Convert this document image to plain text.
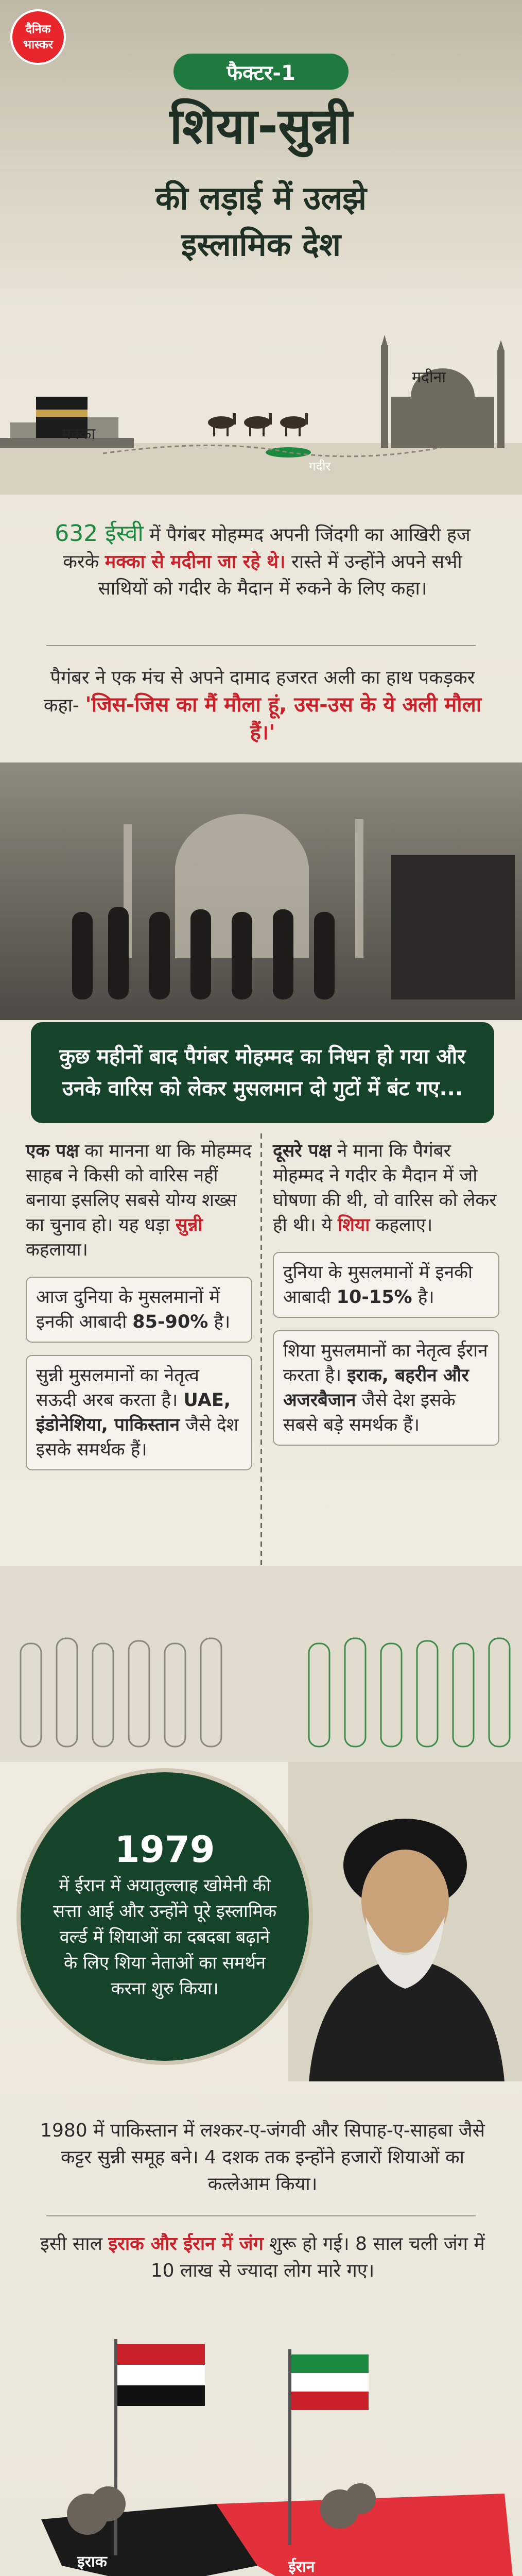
दैनिक
भास्कर
फैक्टर-1
शिया-सुन्नी
की लड़ाई में उलझे
इस्लामिक देश
मक्का
मदीना
गदीर
632 ईस्वी में पैगंबर मोहम्मद अपनी जिंदगी का आखिरी हज करके मक्का से मदीना जा रहे थे। रास्ते में उन्होंने अपने सभी साथियों को गदीर के मैदान में रुकने के लिए कहा।
पैगंबर ने एक मंच से अपने दामाद हजरत अली का हाथ पकड़कर कहा- 'जिस-जिस का मैं मौला हूं, उस-उस के ये अली मौला हैं।'
कुछ महीनों बाद पैगंबर मोहम्मद का निधन हो गया और उनके वारिस को लेकर मुसलमान दो गुटों में बंट गए...
एक पक्ष का मानना था कि मोहम्मद साहब ने किसी को वारिस नहीं बनाया इसलिए सबसे योग्य शख्स का चुनाव हो। यह धड़ा सुन्नी कहलाया।
आज दुनिया के मुसलमानों में इनकी आबादी 85-90% है।
सुन्नी मुसलमानों का नेतृत्व सऊदी अरब करता है। UAE, इंडोनेशिया, पाकिस्तान जैसे देश इसके समर्थक हैं।
दूसरे पक्ष ने माना कि पैगंबर मोहम्मद ने गदीर के मैदान में जो घोषणा की थी, वो वारिस को लेकर ही थी। ये शिया कहलाए।
दुनिया के मुसलमानों में इनकी आबादी 10-15% है।
शिया मुसलमानों का नेतृत्व ईरान करता है। इराक, बहरीन और अजरबैजान जैसे देश इसके सबसे बड़े समर्थक हैं।
1979
में ईरान में अयातुल्लाह खोमेनी की सत्ता आई और उन्होंने पूरे इस्लामिक वर्ल्ड में शियाओं का दबदबा बढ़ाने के लिए शिया नेताओं का समर्थन करना शुरु किया।
1980 में पाकिस्तान में लश्कर-ए-जंगवी और सिपाह-ए-साहबा जैसे कट्टर सुन्नी समूह बने। 4 दशक तक इन्होंने हजारों शियाओं का कत्लेआम किया।
इसी साल इराक और ईरान में जंग शुरू हो गई। 8 साल चली जंग में 10 लाख से ज्यादा लोग मारे गए।
इराक	ईरान
